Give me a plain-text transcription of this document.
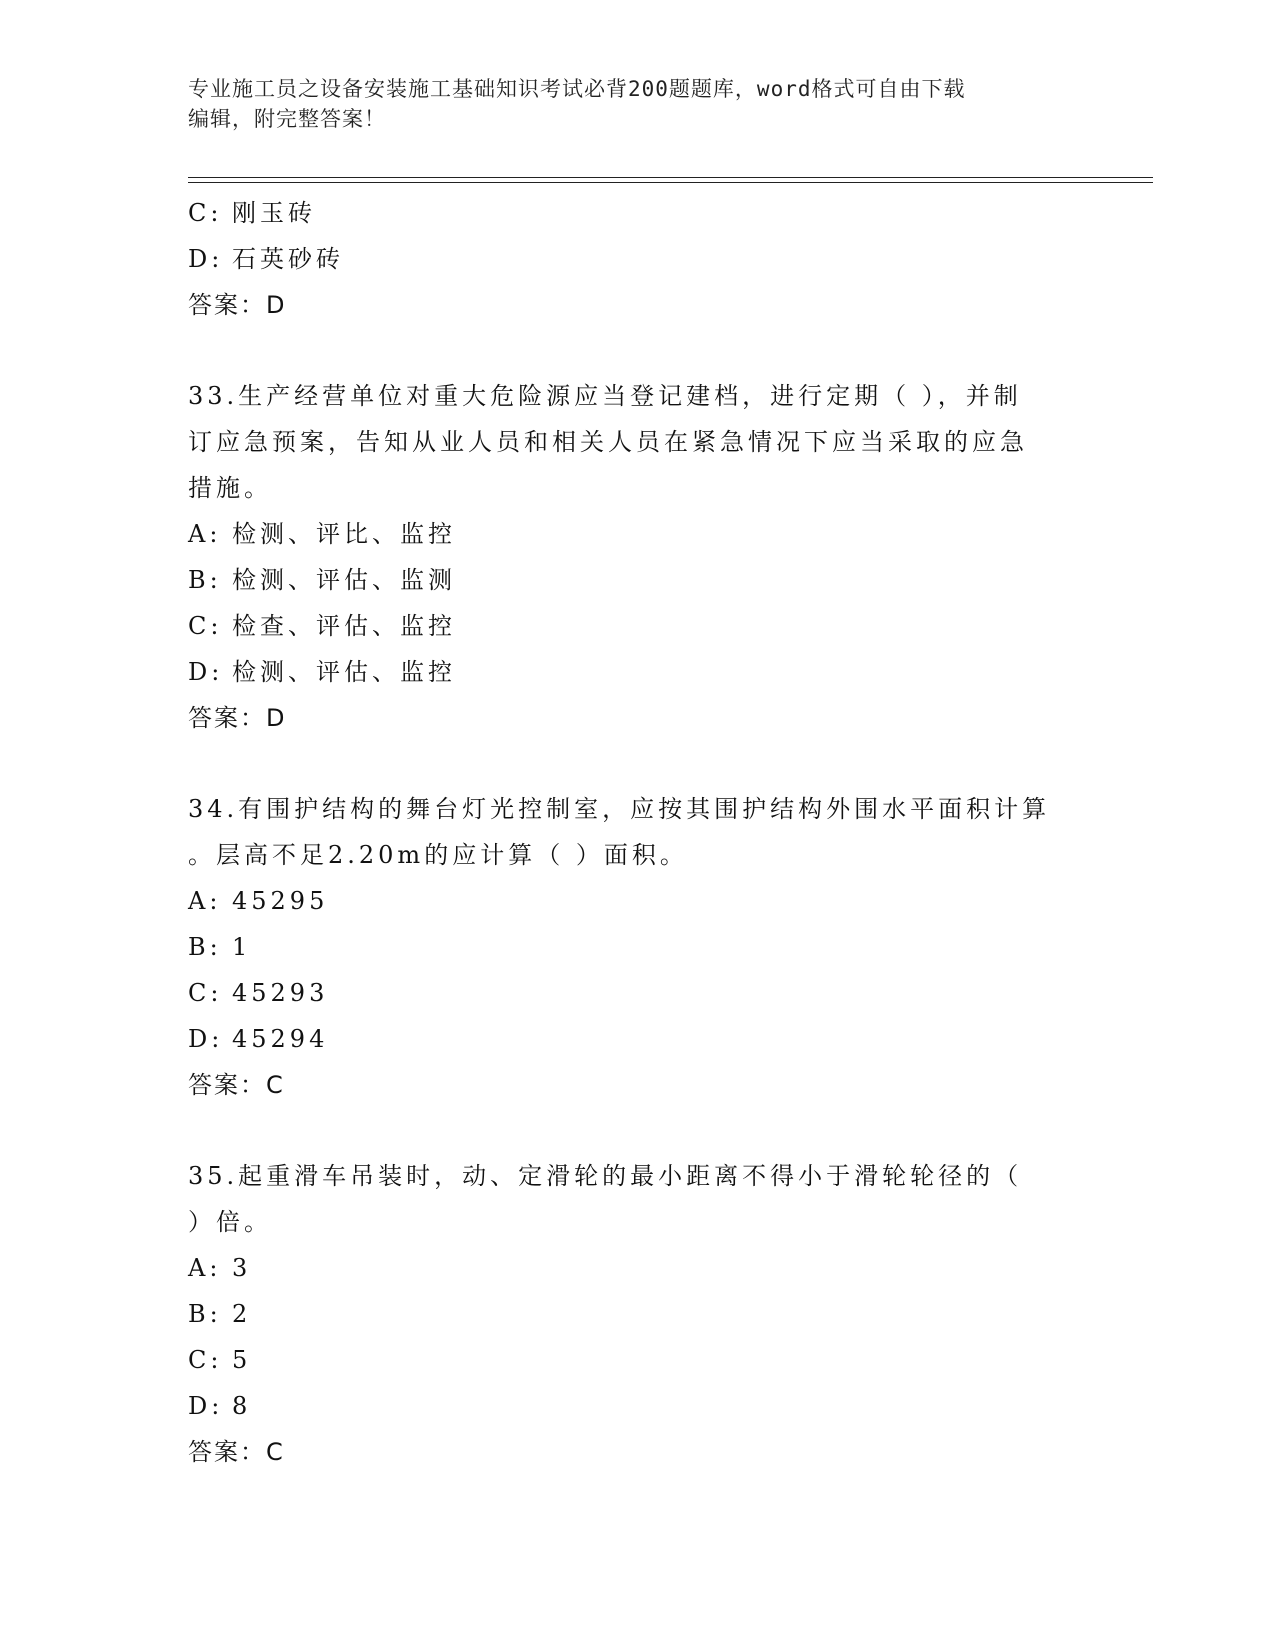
专业施工员之设备安装施工基础知识考试必背200题题库，word格式可自由下载
编辑，附完整答案！
C: 刚玉砖
D: 石英砂砖
答案：D
33.生产经营单位对重大危险源应当登记建档，进行定期（ ），并制
订应急预案，告知从业人员和相关人员在紧急情况下应当采取的应急
措施。
A: 检测、评比、监控
B: 检测、评估、监测
C: 检查、评估、监控
D: 检测、评估、监控
答案：D
34.有围护结构的舞台灯光控制室，应按其围护结构外围水平面积计算
。层高不足2.20m的应计算（ ）面积。
A: 45295
B: 1
C: 45293
D: 45294
答案：C
35.起重滑车吊装时，动、定滑轮的最小距离不得小于滑轮轮径的（
）倍。
A: 3
B: 2
C: 5
D: 8
答案：C
